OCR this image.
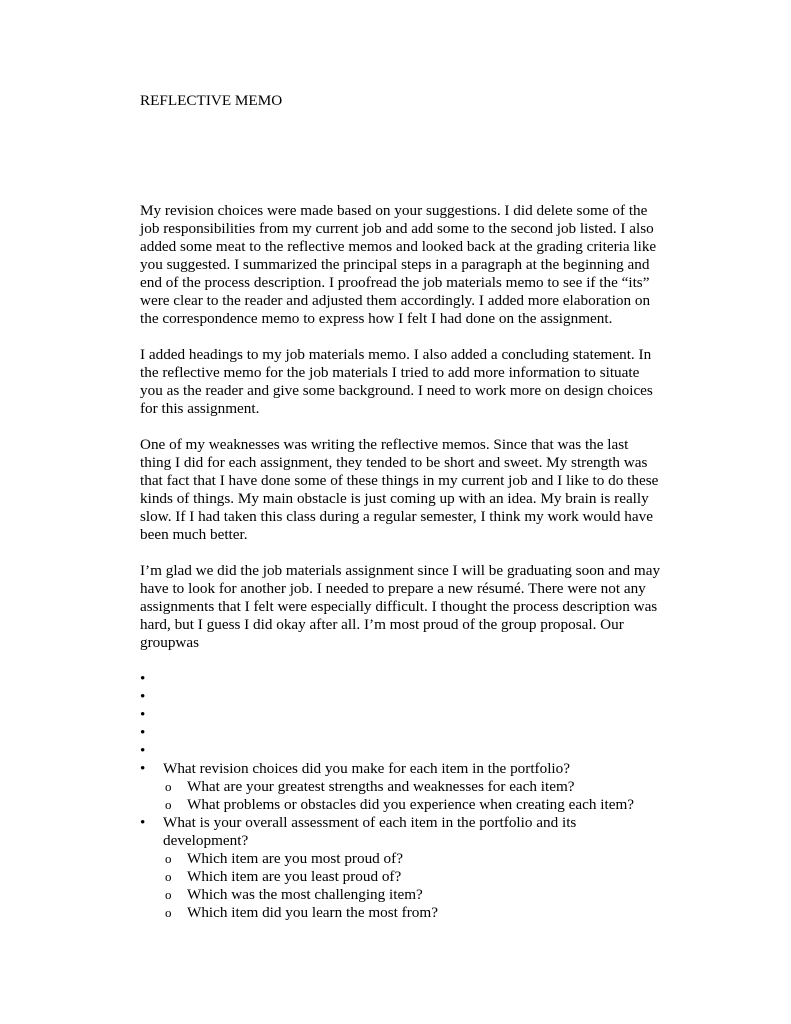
REFLECTIVE MEMO

My revision choices were made based on your suggestions. I did delete some of the
job responsibilities from my current job and add some to the second job listed. I also
added some meat to the reflective memos and looked back at the grading criteria like
you suggested. I summarized the principal steps in a paragraph at the beginning and
end of the process description. I proofread the job materials memo to see if the “its”
were clear to the reader and adjusted them accordingly. I added more elaboration on
the correspondence memo to express how I felt I had done on the assignment.

I added headings to my job materials memo. I also added a concluding statement. In
the reflective memo for the job materials I tried to add more information to situate
you as the reader and give some background. I need to work more on design choices
for this assignment.

One of my weaknesses was writing the reflective memos. Since that was the last
thing I did for each assignment, they tended to be short and sweet. My strength was
that fact that I have done some of these things in my current job and I like to do these
kinds of things. My main obstacle is just coming up with an idea. My brain is really
slow. If I had taken this class during a regular semester, I think my work would have
been much better.

I’m glad we did the job materials assignment since I will be graduating soon and may
have to look for another job. I needed to prepare a new résumé. There were not any
assignments that I felt were especially difficult. I thought the process description was
hard, but I guess I did okay after all. I’m most proud of the group proposal. Our
groupwas

•
•
•
•
•
• What revision choices did you make for each item in the portfolio?
o What are your greatest strengths and weaknesses for each item?
o What problems or obstacles did you experience when creating each item?
• What is your overall assessment of each item in the portfolio and its
development?
o Which item are you most proud of?
o Which item are you least proud of?
o Which was the most challenging item?
o Which item did you learn the most from?
